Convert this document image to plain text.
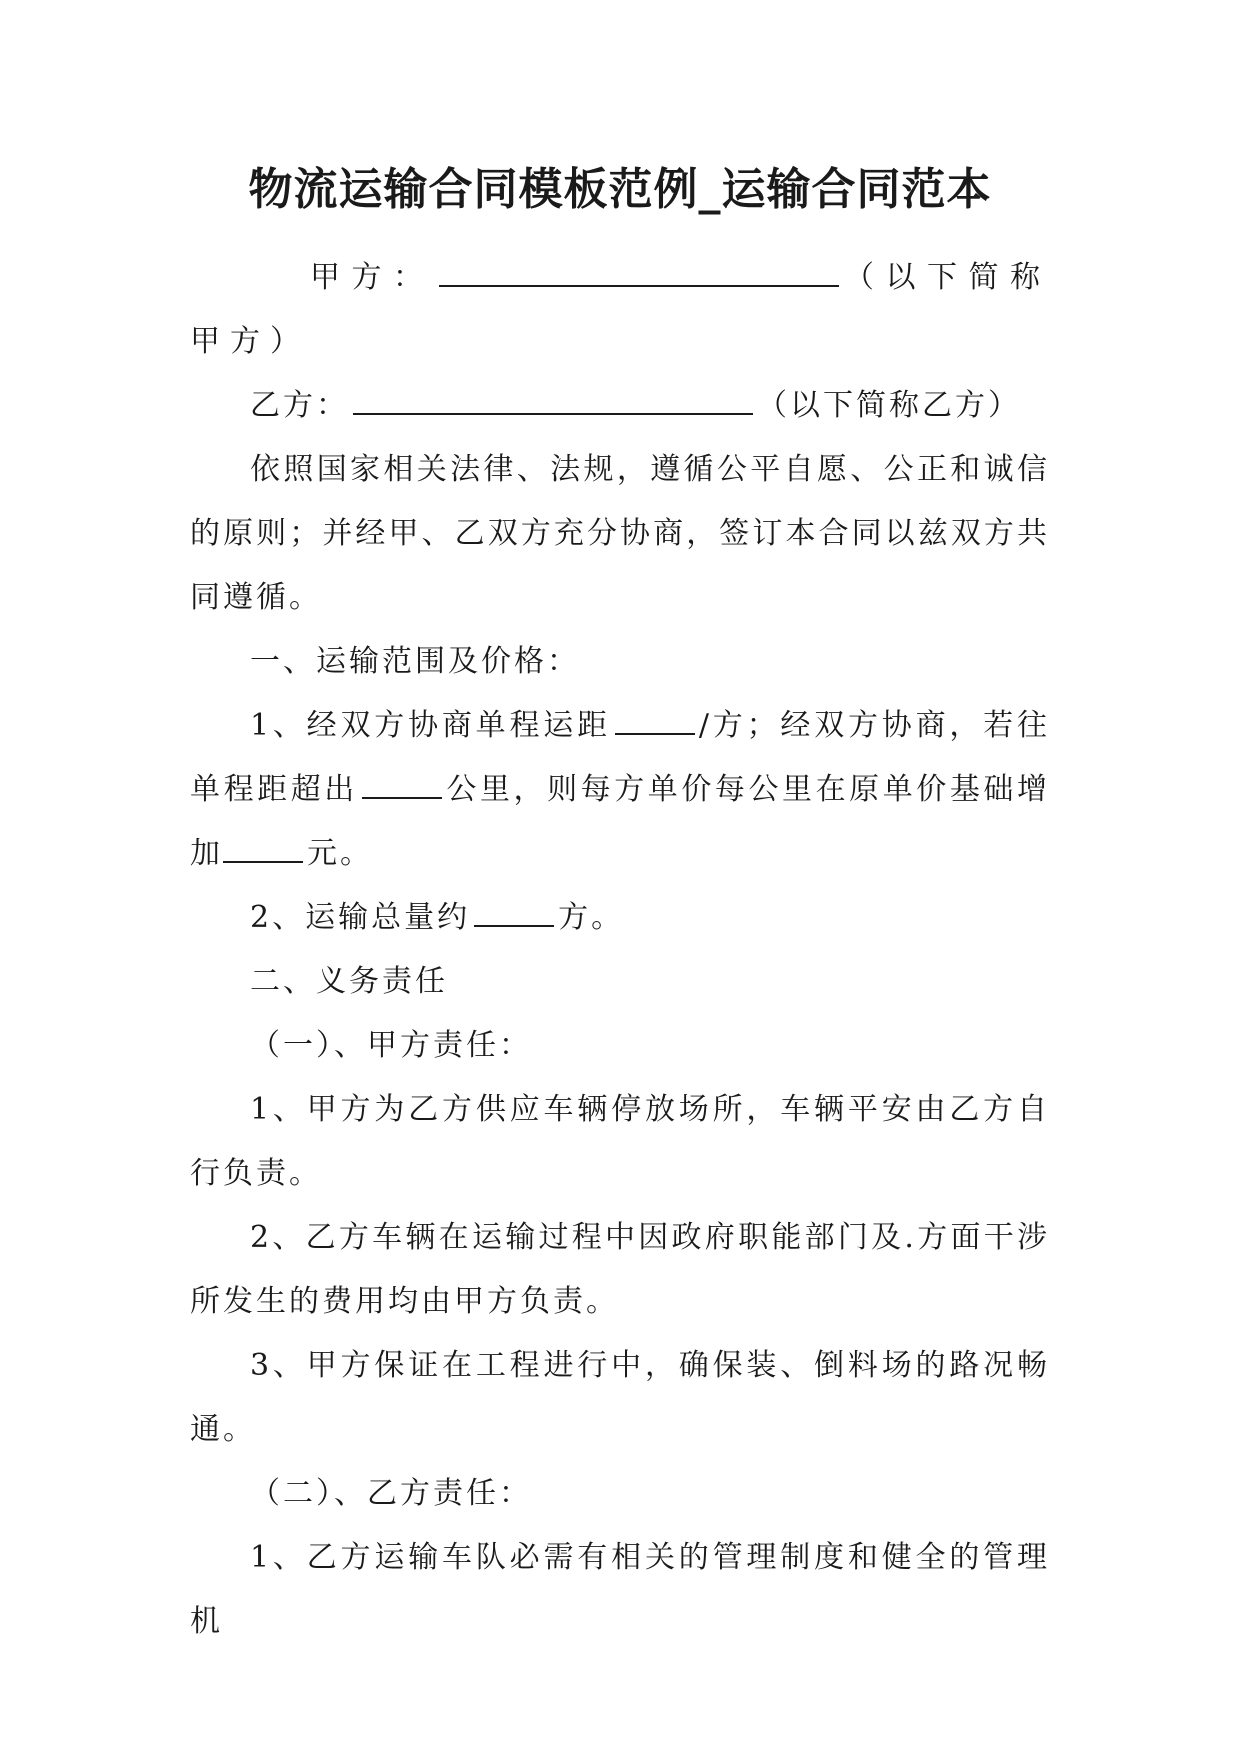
物流运输合同模板范例_运输合同范本

甲方：	（以下简称甲方）

乙方：	（以下简称乙方）

依照国家相关法律、法规，遵循公平自愿、公正和诚信的原则；并经甲、乙双方充分协商，签订本合同以兹双方共同遵循。

一、运输范围及价格：

1、经双方协商单程运距	/方；经双方协商，若往单程距超出	公里，则每方单价每公里在原单价基础增加	元。

2、运输总量约	方。

二、义务责任

（一）、甲方责任：

1、甲方为乙方供应车辆停放场所，车辆平安由乙方自行负责。

2、乙方车辆在运输过程中因政府职能部门及.方面干涉所发生的费用均由甲方负责。

3、甲方保证在工程进行中，确保装、倒料场的路况畅通。

（二）、乙方责任：

1、乙方运输车队必需有相关的管理制度和健全的管理机
